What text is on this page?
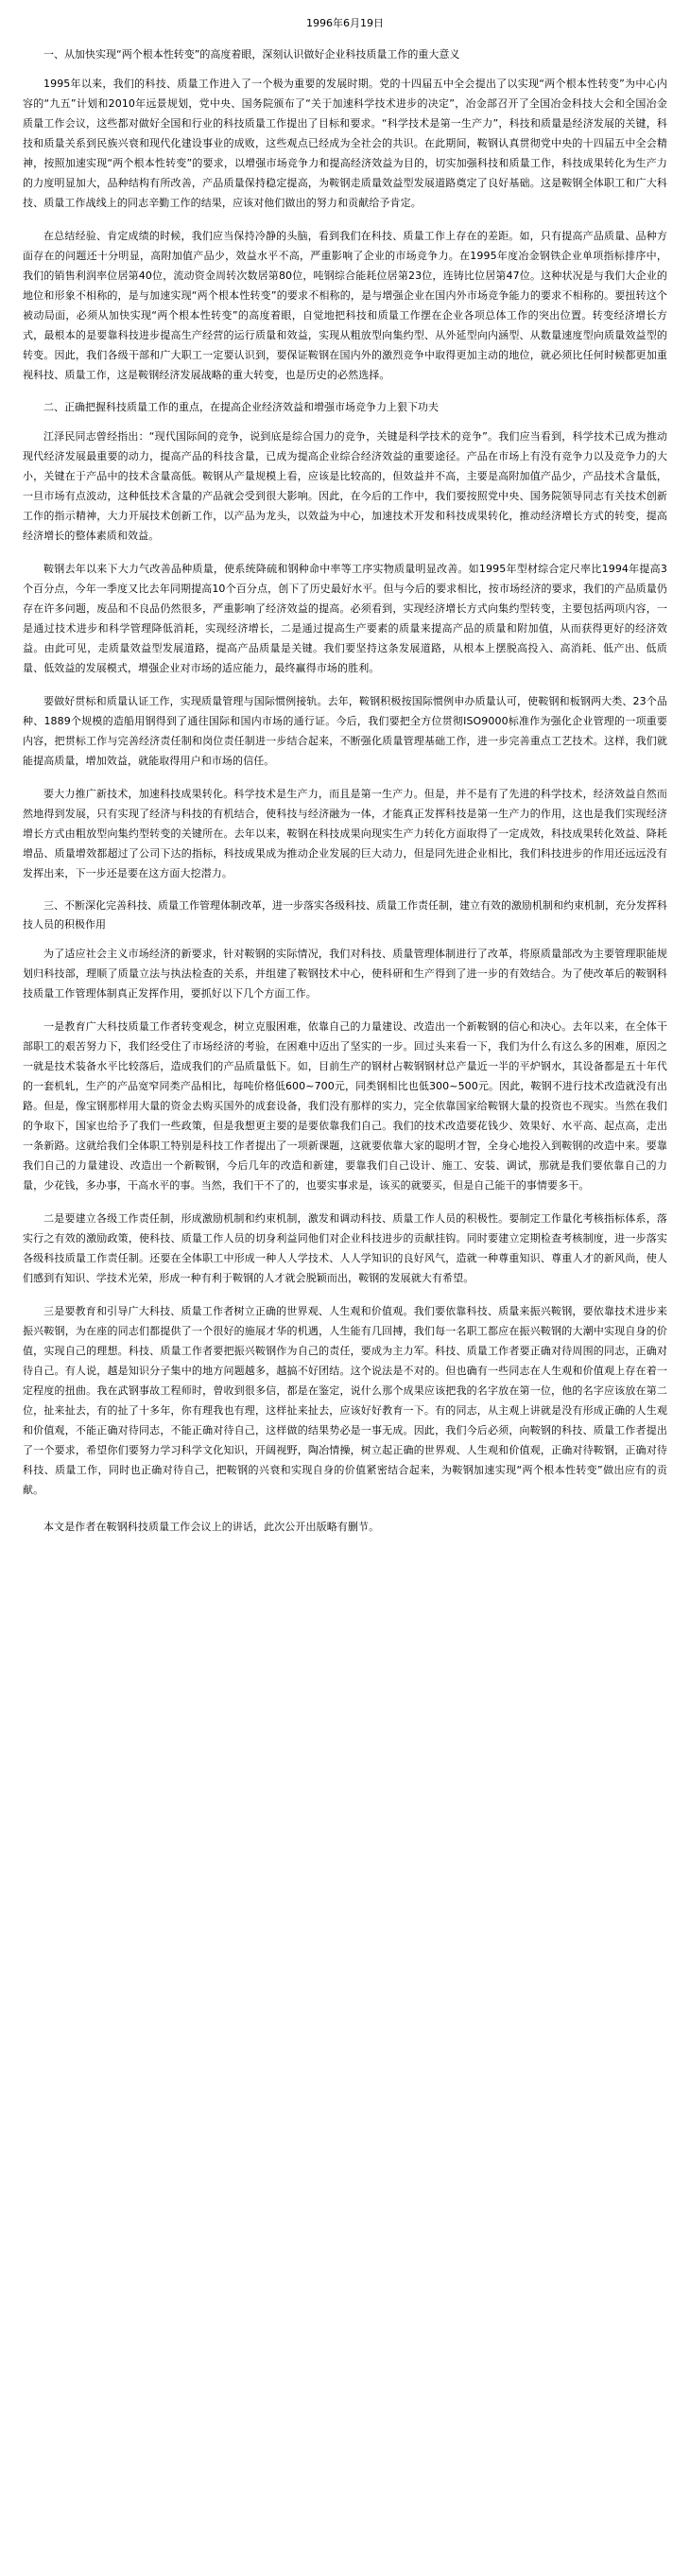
1996年6月19日

一、从加快实现“两个根本性转变”的高度着眼，深刻认识做好企业科技质量工作的重大意义

1995年以来，我们的科技、质量工作进入了一个极为重要的发展时期。党的十四届五中全会提出了以实现“两个根本性转变”为中心内容的“九五”计划和2010年远景规划，党中央、国务院颁布了“关于加速科学技术进步的决定”，冶金部召开了全国冶金科技大会和全国冶金质量工作会议，这些都对做好全国和行业的科技质量工作提出了目标和要求。“科学技术是第一生产力”，科技和质量是经济发展的关键，科技和质量关系到民族兴衰和现代化建设事业的成败，这些观点已经成为全社会的共识。在此期间，鞍钢认真贯彻党中央的十四届五中全会精神，按照加速实现“两个根本性转变”的要求，以增强市场竞争力和提高经济效益为目的，切实加强科技和质量工作，科技成果转化为生产力的力度明显加大，品种结构有所改善，产品质量保持稳定提高，为鞍钢走质量效益型发展道路奠定了良好基础。这是鞍钢全体职工和广大科技、质量工作战线上的同志辛勤工作的结果，应该对他们做出的努力和贡献给予肯定。

在总结经验、肯定成绩的时候，我们应当保持冷静的头脑，看到我们在科技、质量工作上存在的差距。如，只有提高产品质量、品种方面存在的问题还十分明显，高附加值产品少，效益水平不高，严重影响了企业的市场竞争力。在1995年度冶金钢铁企业单项指标排序中，我们的销售利润率位居第40位，流动资金周转次数居第80位，吨钢综合能耗位居第23位，连铸比位居第47位。这种状况是与我们大企业的地位和形象不相称的，是与加速实现“两个根本性转变”的要求不相称的，是与增强企业在国内外市场竞争能力的要求不相称的。要扭转这个被动局面，必须从加快实现“两个根本性转变”的高度着眼，自觉地把科技和质量工作摆在企业各项总体工作的突出位置。转变经济增长方式，最根本的是要靠科技进步提高生产经营的运行质量和效益，实现从粗放型向集约型、从外延型向内涵型、从数量速度型向质量效益型的转变。因此，我们各级干部和广大职工一定要认识到，要保证鞍钢在国内外的激烈竞争中取得更加主动的地位，就必须比任何时候都更加重视科技、质量工作，这是鞍钢经济发展战略的重大转变，也是历史的必然选择。

二、正确把握科技质量工作的重点，在提高企业经济效益和增强市场竞争力上狠下功夫

江泽民同志曾经指出：“现代国际间的竞争，说到底是综合国力的竞争，关键是科学技术的竞争”。我们应当看到，科学技术已成为推动现代经济发展最重要的动力，提高产品的科技含量，已成为提高企业综合经济效益的重要途径。产品在市场上有没有竞争力以及竞争力的大小，关键在于产品中的技术含量高低。鞍钢从产量规模上看，应该是比较高的，但效益并不高，主要是高附加值产品少，产品技术含量低，一旦市场有点波动，这种低技术含量的产品就会受到很大影响。因此，在今后的工作中，我们要按照党中央、国务院领导同志有关技术创新工作的指示精神，大力开展技术创新工作，以产品为龙头，以效益为中心，加速技术开发和科技成果转化，推动经济增长方式的转变，提高经济增长的整体素质和效益。

鞍钢去年以来下大力气改善品种质量，使系统降硫和钢种命中率等工序实物质量明显改善。如1995年型材综合定尺率比1994年提高3个百分点，今年一季度又比去年同期提高10个百分点，创下了历史最好水平。但与今后的要求相比，按市场经济的要求，我们的产品质量仍存在许多问题，废品和不良品仍然很多，严重影响了经济效益的提高。必须看到，实现经济增长方式向集约型转变，主要包括两项内容，一是通过技术进步和科学管理降低消耗，实现经济增长，二是通过提高生产要素的质量来提高产品的质量和附加值，从而获得更好的经济效益。由此可见，走质量效益型发展道路，提高产品质量是关键。我们要坚持这条发展道路，从根本上摆脱高投入、高消耗、低产出、低质量、低效益的发展模式，增强企业对市场的适应能力，最终赢得市场的胜利。

要做好贯标和质量认证工作，实现质量管理与国际惯例接轨。去年，鞍钢积极按国际惯例申办质量认可，使鞍钢和板钢两大类、23个品种、1889个规模的造船用钢得到了通往国际和国内市场的通行证。今后，我们要把全方位贯彻ISO9000标准作为强化企业管理的一项重要内容，把贯标工作与完善经济责任制和岗位责任制进一步结合起来，不断强化质量管理基础工作，进一步完善重点工艺技术。这样，我们就能提高质量，增加效益，就能取得用户和市场的信任。

要大力推广新技术，加速科技成果转化。科学技术是生产力，而且是第一生产力。但是，并不是有了先进的科学技术，经济效益自然而然地得到发展，只有实现了经济与科技的有机结合，使科技与经济融为一体，才能真正发挥科技是第一生产力的作用，这也是我们实现经济增长方式由粗放型向集约型转变的关键所在。去年以来，鞍钢在科技成果向现实生产力转化方面取得了一定成效，科技成果转化效益、降耗增品、质量增效都超过了公司下达的指标，科技成果成为推动企业发展的巨大动力，但是同先进企业相比，我们科技进步的作用还远远没有发挥出来，下一步还是要在这方面大挖潜力。

三、不断深化完善科技、质量工作管理体制改革，进一步落实各级科技、质量工作责任制，建立有效的激励机制和约束机制，充分发挥科技人员的积极作用

为了适应社会主义市场经济的新要求，针对鞍钢的实际情况，我们对科技、质量管理体制进行了改革，将原质量部改为主要管理职能规划归科技部，理顺了质量立法与执法检查的关系，并组建了鞍钢技术中心，使科研和生产得到了进一步的有效结合。为了使改革后的鞍钢科技质量工作管理体制真正发挥作用，要抓好以下几个方面工作。

一是教育广大科技质量工作者转变观念，树立克服困难，依靠自己的力量建设、改造出一个新鞍钢的信心和决心。去年以来，在全体干部职工的艰苦努力下，我们经受住了市场经济的考验，在困难中迈出了坚实的一步。回过头来看一下，我们为什么有这么多的困难，原因之一就是技术装备水平比较落后，造成我们的产品质量低下。如，目前生产的钢材占鞍钢钢材总产量近一半的平炉钢水，其设备都是五十年代的一套机轧，生产的产品宽窄同类产品相比，每吨价格低600~700元，同类钢相比也低300~500元。因此，鞍钢不进行技术改造就没有出路。但是，像宝钢那样用大量的资金去购买国外的成套设备，我们没有那样的实力，完全依靠国家给鞍钢大量的投资也不现实。当然在我们的争取下，国家也给予了我们一些政策，但是我想更主要的是要依靠我们自己。我们的技术改造要花钱少、效果好、水平高、起点高，走出一条新路。这就给我们全体职工特别是科技工作者提出了一项新课题，这就要依靠大家的聪明才智，全身心地投入到鞍钢的改造中来。要靠我们自己的力量建设、改造出一个新鞍钢，今后几年的改造和新建，要靠我们自己设计、施工、安装、调试，那就是我们要依靠自己的力量，少花钱，多办事，干高水平的事。当然，我们干不了的，也要实事求是，该买的就要买，但是自己能干的事情要多干。

二是要建立各级工作责任制，形成激励机制和约束机制，激发和调动科技、质量工作人员的积极性。要制定工作量化考核指标体系，落实行之有效的激励政策，使科技、质量工作人员的切身利益同他们对企业科技进步的贡献挂钩。同时要建立定期检查考核制度，进一步落实各级科技质量工作责任制。还要在全体职工中形成一种人人学技术、人人学知识的良好风气，造就一种尊重知识、尊重人才的新风尚，使人们感到有知识、学技术光荣，形成一种有利于鞍钢的人才就会脱颖而出，鞍钢的发展就大有希望。

三是要教育和引导广大科技、质量工作者树立正确的世界观、人生观和价值观。我们要依靠科技、质量来振兴鞍钢，要依靠技术进步来振兴鞍钢，为在座的同志们都提供了一个很好的施展才华的机遇，人生能有几回搏，我们每一名职工都应在振兴鞍钢的大潮中实现自身的价值，实现自己的理想。科技、质量工作者要把振兴鞍钢作为自己的责任，要成为主力军。科技、质量工作者要正确对待周围的同志，正确对待自己。有人说，越是知识分子集中的地方问题越多，越搞不好团结。这个说法是不对的。但也确有一些同志在人生观和价值观上存在着一定程度的扭曲。我在武钢事故工程师时，曾收到很多信，都是在鉴定，说什么那个成果应该把我的名字放在第一位，他的名字应该放在第二位，扯来扯去，有的扯了十多年，你有理我也有理，这样扯来扯去，应该好好教育一下。有的同志，从主观上讲就是没有形成正确的人生观和价值观，不能正确对待同志，不能正确对待自己，这样做的结果势必是一事无成。因此，我们今后必须，向鞍钢的科技、质量工作者提出了一个要求，希望你们要努力学习科学文化知识，开阔视野，陶冶情操，树立起正确的世界观、人生观和价值观，正确对待鞍钢，正确对待科技、质量工作，同时也正确对待自己，把鞍钢的兴衰和实现自身的价值紧密结合起来，为鞍钢加速实现“两个根本性转变”做出应有的贡献。

本文是作者在鞍钢科技质量工作会议上的讲话，此次公开出版略有删节。
